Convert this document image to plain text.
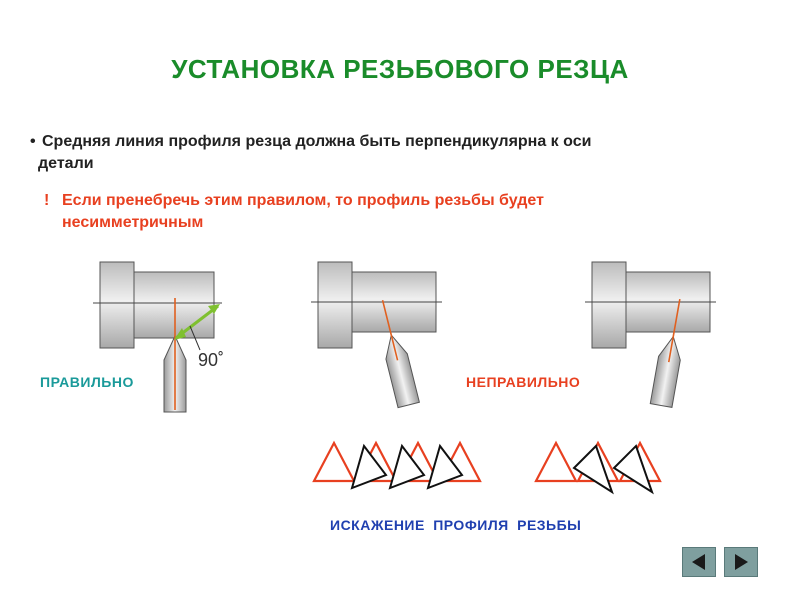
УСТАНОВКА РЕЗЬБОВОГО РЕЗЦА
• Средняя линия профиля резца должна быть перпендикулярна к оси
детали
! Если пренебречь этим правилом, то профиль резьбы будет
несимметричным
90˚
ПРАВИЛЬНО	НЕПРАВИЛЬНО
ИСКАЖЕНИЕ ПРОФИЛЯ РЕЗЬБЫ
